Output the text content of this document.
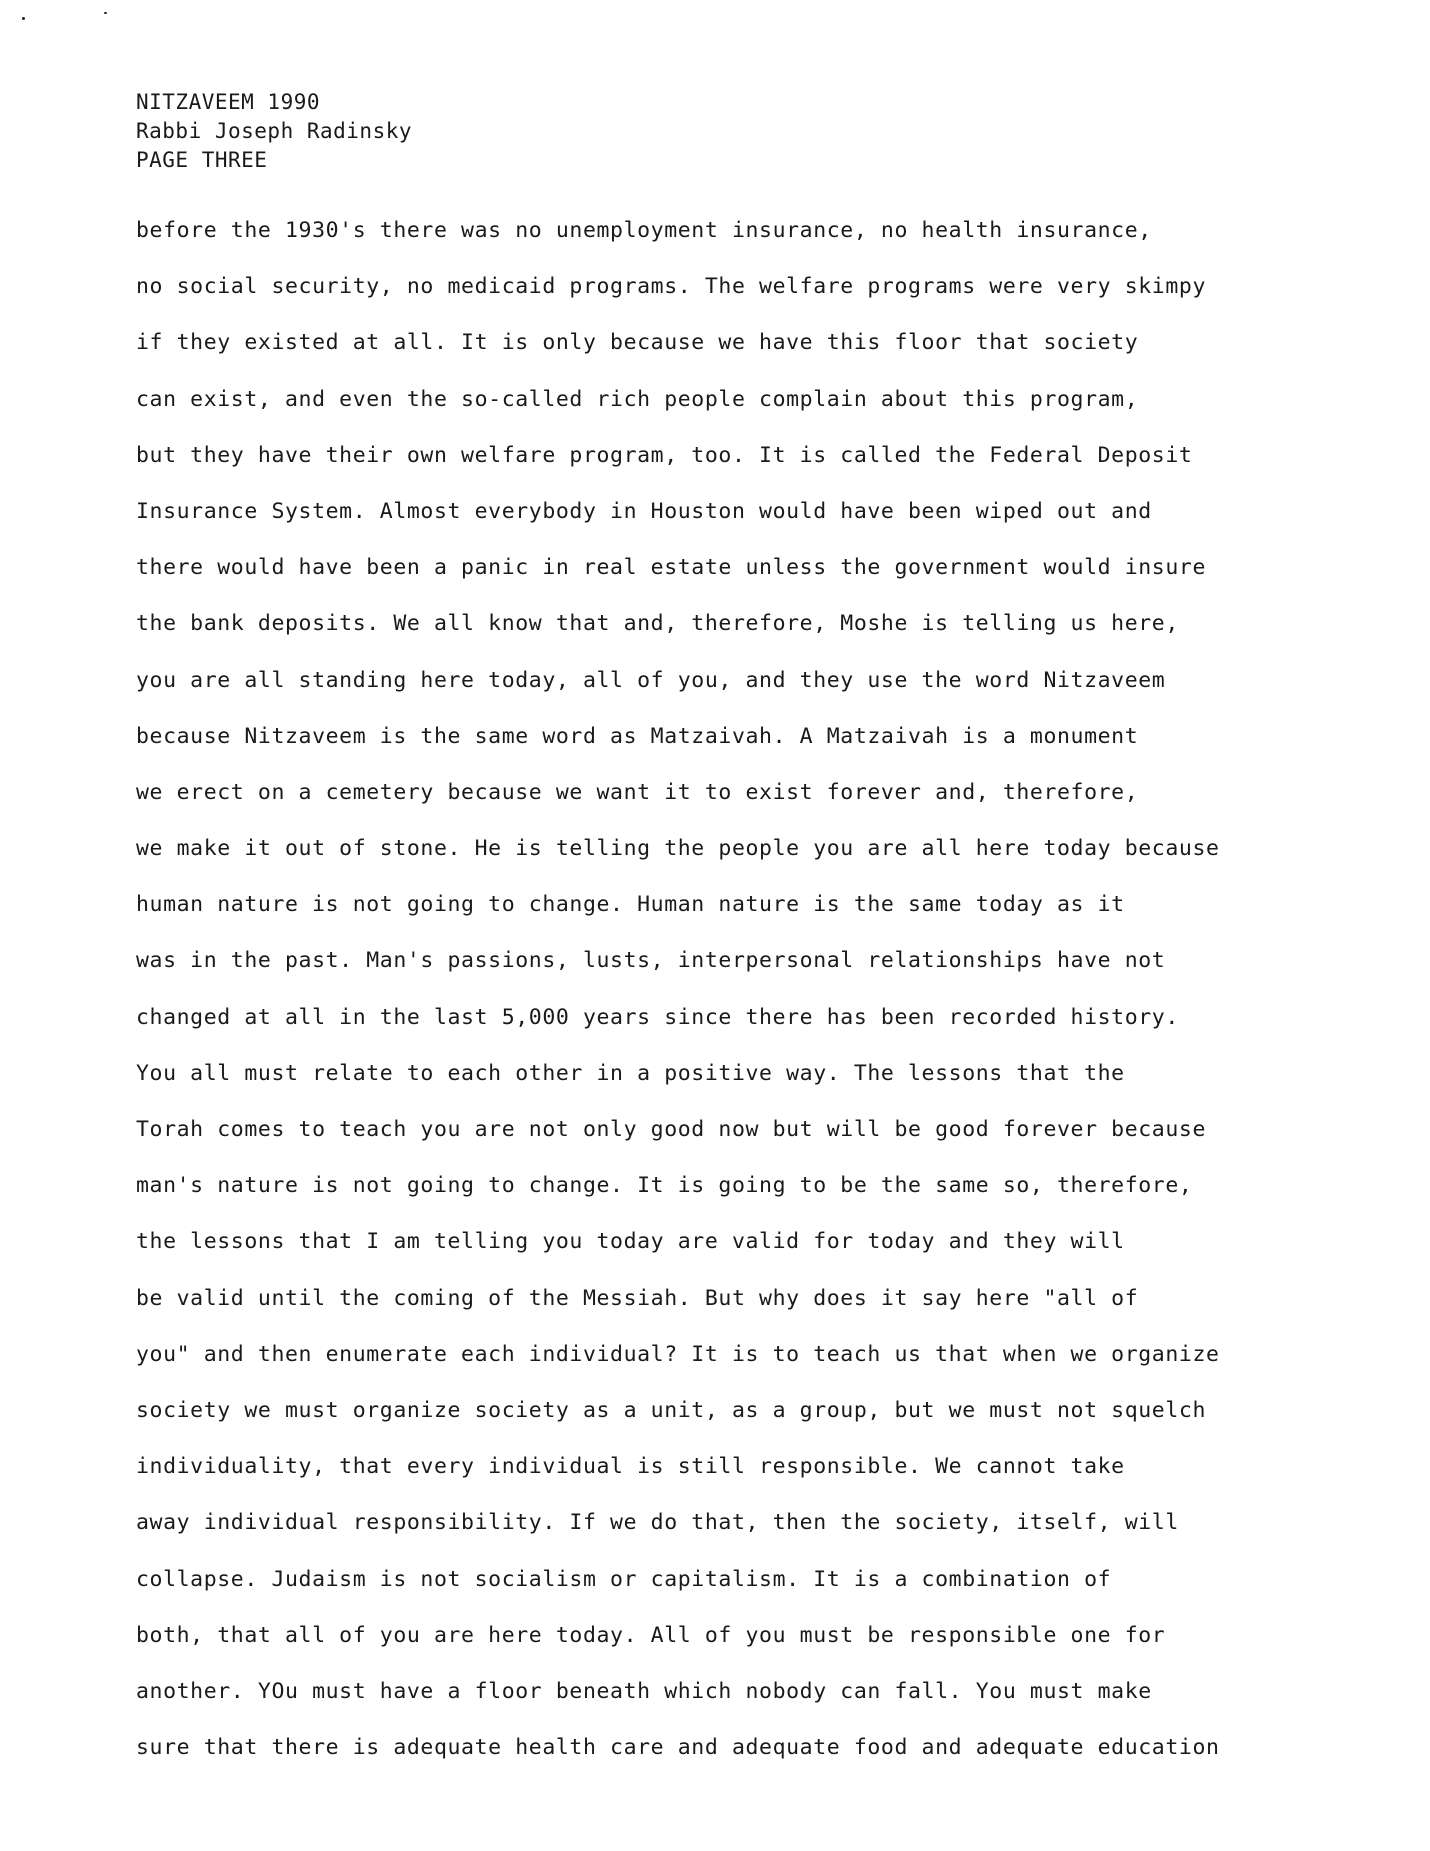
NITZAVEEM 1990
Rabbi Joseph Radinsky
PAGE THREE
before the 1930's there was no unemployment insurance, no health insurance,
no social security, no medicaid programs. The welfare programs were very skimpy
if they existed at all. It is only because we have this floor that society
can exist, and even the so-called rich people complain about this program,
but they have their own welfare program, too. It is called the Federal Deposit
Insurance System. Almost everybody in Houston would have been wiped out and
there would have been a panic in real estate unless the government would insure
the bank deposits. We all know that and, therefore, Moshe is telling us here,
you are all standing here today, all of you, and they use the word Nitzaveem
because Nitzaveem is the same word as Matzaivah. A Matzaivah is a monument
we erect on a cemetery because we want it to exist forever and, therefore,
we make it out of stone. He is telling the people you are all here today because
human nature is not going to change. Human nature is the same today as it
was in the past. Man's passions, lusts, interpersonal relationships have not
changed at all in the last 5,000 years since there has been recorded history.
You all must relate to each other in a positive way. The lessons that the
Torah comes to teach you are not only good now but will be good forever because
man's nature is not going to change. It is going to be the same so, therefore,
the lessons that I am telling you today are valid for today and they will
be valid until the coming of the Messiah. But why does it say here "all of
you" and then enumerate each individual? It is to teach us that when we organize
society we must organize society as a unit, as a group, but we must not squelch
individuality, that every individual is still responsible. We cannot take
away individual responsibility. If we do that, then the society, itself, will
collapse. Judaism is not socialism or capitalism. It is a combination of
both, that all of you are here today. All of you must be responsible one for
another. YOu must have a floor beneath which nobody can fall. You must make
sure that there is adequate health care and adequate food and adequate education
